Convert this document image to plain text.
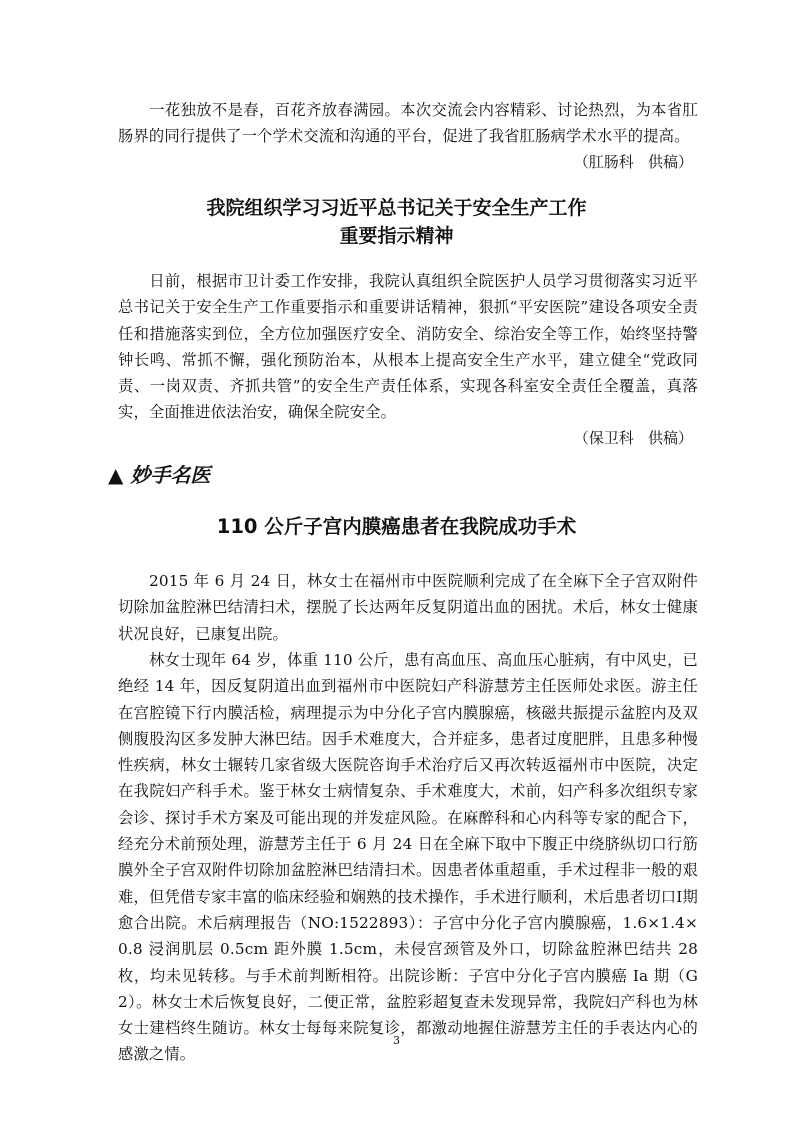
一花独放不是春，百花齐放春满园。本次交流会内容精彩、讨论热烈，为本省肛肠界的同行提供了一个学术交流和沟通的平台，促进了我省肛肠病学术水平的提高。

（肛肠科   供稿）

我院组织学习习近平总书记关于安全生产工作
重要指示精神

日前，根据市卫计委工作安排，我院认真组织全院医护人员学习贯彻落实习近平总书记关于安全生产工作重要指示和重要讲话精神，狠抓“平安医院”建设各项安全责任和措施落实到位，全方位加强医疗安全、消防安全、综治安全等工作，始终坚持警钟长鸣、常抓不懈，强化预防治本，从根本上提高安全生产水平，建立健全“党政同责、一岗双责、齐抓共管”的安全生产责任体系，实现各科室安全责任全覆盖，真落实，全面推进依法治安，确保全院安全。

（保卫科   供稿）

▲ 妙手名医
110 公斤子宫内膜癌患者在我院成功手术

2015 年 6 月 24 日，林女士在福州市中医院顺利完成了在全麻下全子宫双附件切除加盆腔淋巴结清扫术，摆脱了长达两年反复阴道出血的困扰。术后，林女士健康状况良好，已康复出院。

林女士现年 64 岁，体重 110 公斤，患有高血压、高血压心脏病，有中风史，已绝经 14 年，因反复阴道出血到福州市中医院妇产科游慧芳主任医师处求医。游主任在宫腔镜下行内膜活检，病理提示为中分化子宫内膜腺癌，核磁共振提示盆腔内及双侧腹股沟区多发肿大淋巴结。因手术难度大，合并症多，患者过度肥胖，且患多种慢性疾病，林女士辗转几家省级大医院咨询手术治疗后又再次转返福州市中医院，决定在我院妇产科手术。鉴于林女士病情复杂、手术难度大，术前，妇产科多次组织专家会诊、探讨手术方案及可能出现的并发症风险。在麻醉科和心内科等专家的配合下，经充分术前预处理，游慧芳主任于 6 月 24 日在全麻下取中下腹正中绕脐纵切口行筋膜外全子宫双附件切除加盆腔淋巴结清扫术。因患者体重超重，手术过程非一般的艰难，但凭借专家丰富的临床经验和娴熟的技术操作，手术进行顺利，术后患者切口Ⅰ期愈合出院。术后病理报告（NO:1522893）：子宫中分化子宫内膜腺癌，1.6×1.4×0.8 浸润肌层 0.5cm 距外膜 1.5cm，未侵宫颈管及外口，切除盆腔淋巴结共 28 枚，均未见转移。与手术前判断相符。出院诊断：子宫中分化子宫内膜癌 Ia 期（G2）。林女士术后恢复良好，二便正常，盆腔彩超复查未发现异常，我院妇产科也为林女士建档终生随访。林女士每每来院复诊，都激动地握住游慧芳主任的手表达内心的感激之情。

3
